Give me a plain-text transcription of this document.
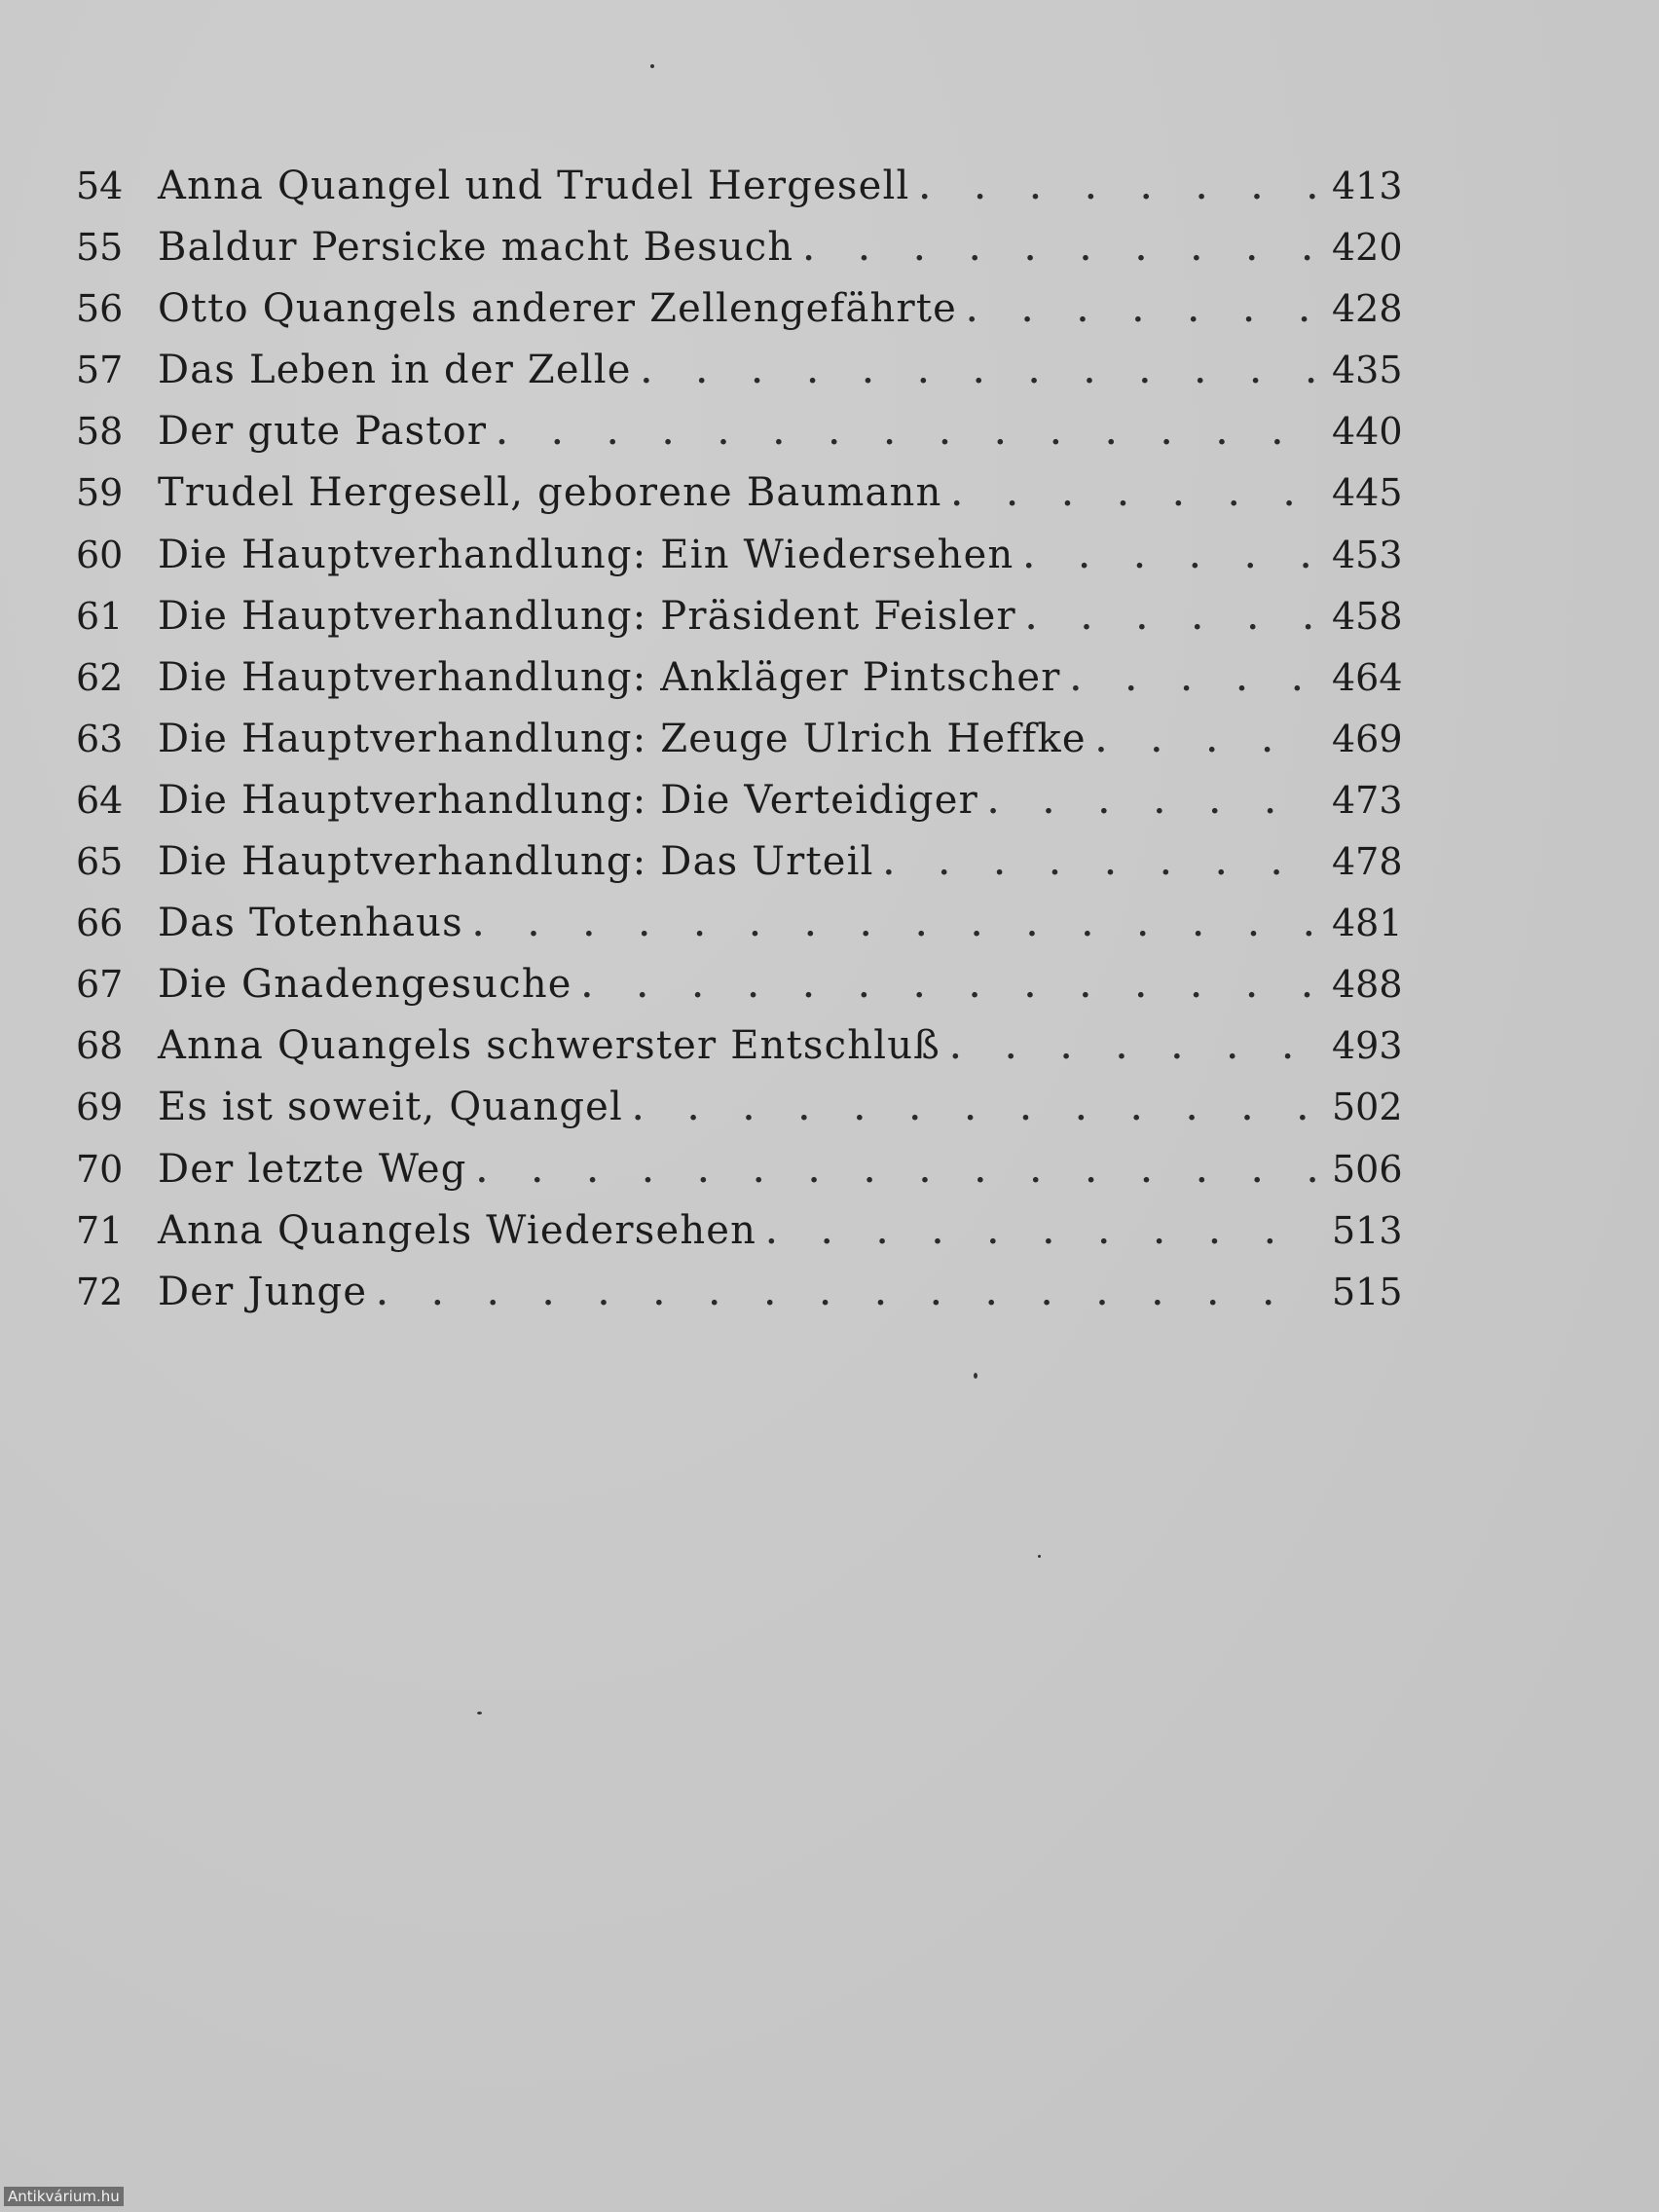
54 Anna Quangel und Trudel Hergesell . . .	413
55 Baldur Persicke macht Besuch . . .	420
56 Otto Quangels anderer Zellengefährte . . .	428
57 Das Leben in der Zelle . . .	435
58 Der gute Pastor . . .	440
59 Trudel Hergesell, geborene Baumann . . .	445
60 Die Hauptverhandlung: Ein Wiedersehen . . .	453
61 Die Hauptverhandlung: Präsident Feisler . . .	458
62 Die Hauptverhandlung: Ankläger Pintscher . . .	464
63 Die Hauptverhandlung: Zeuge Ulrich Heffke . . .	469
64 Die Hauptverhandlung: Die Verteidiger . . .	473
65 Die Hauptverhandlung: Das Urteil . . .	478
66 Das Totenhaus . . .	481
67 Die Gnadengesuche . . .	488
68 Anna Quangels schwerster Entschluß . . .	493
69 Es ist soweit, Quangel . . .	502
70 Der letzte Weg . . .	506
71 Anna Quangels Wiedersehen . . .	513
72 Der Junge . . .	515
Antikvárium.hu
